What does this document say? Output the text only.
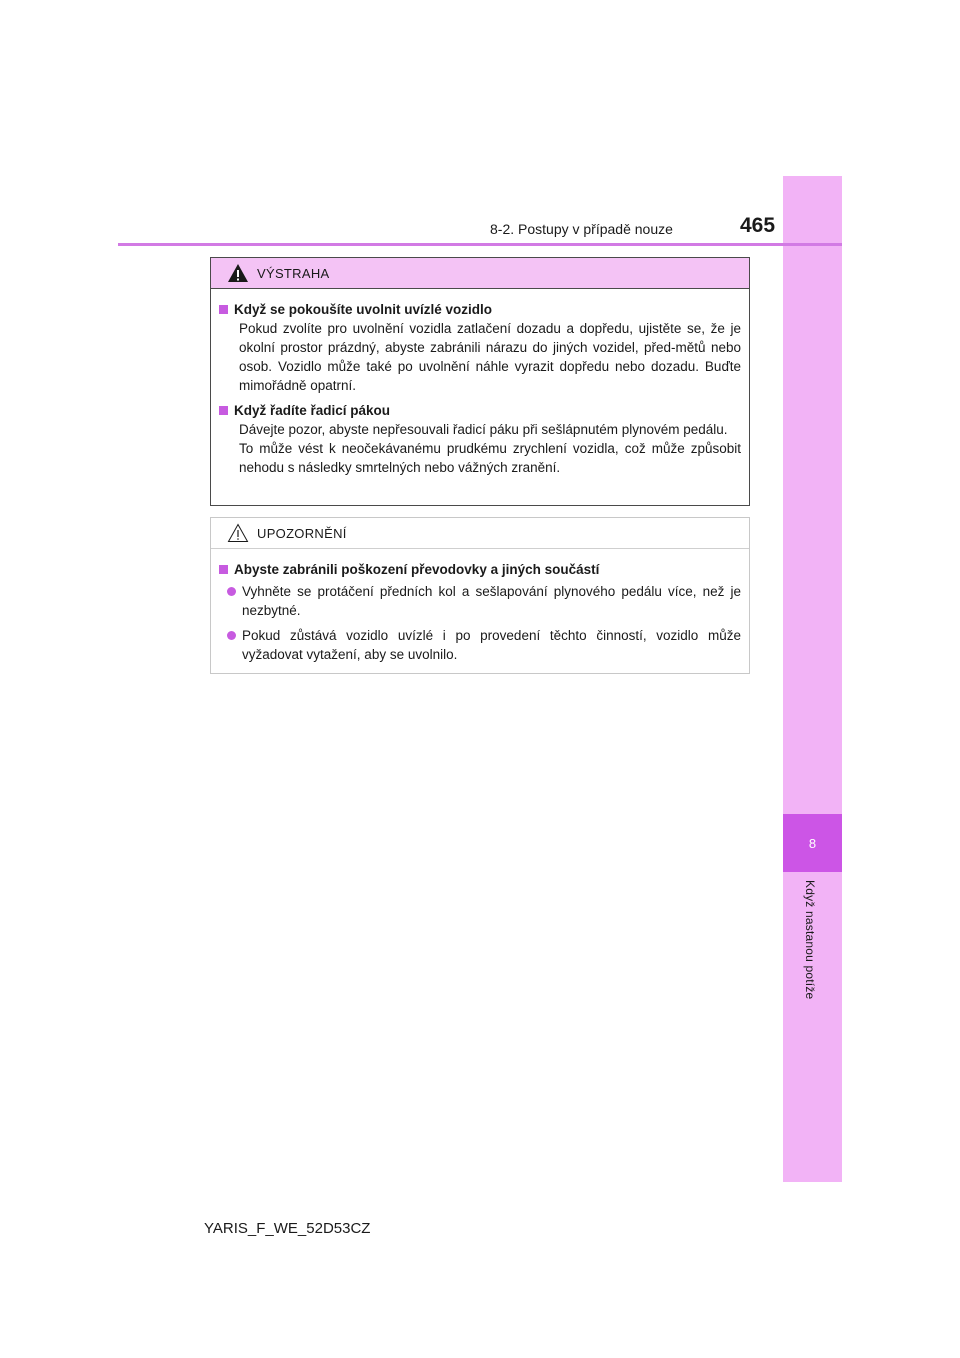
8
Když nastanou potíže
8-2. Postupy v případě nouze	465
VÝSTRAHA
Když se pokoušíte uvolnit uvízlé vozidlo
Pokud zvolíte pro uvolnění vozidla zatlačení dozadu a dopředu, ujistěte se, že je okolní prostor prázdný, abyste zabránili nárazu do jiných vozidel, před-mětů nebo osob. Vozidlo může také po uvolnění náhle vyrazit dopředu nebo dozadu. Buďte mimořádně opatrní.
Když řadíte řadicí pákou
Dávejte pozor, abyste nepřesouvali řadicí páku při sešlápnutém plynovém pedálu.
To může vést k neočekávanému prudkému zrychlení vozidla, což může způsobit nehodu s následky smrtelných nebo vážných zranění.
UPOZORNĚNÍ
Abyste zabránili poškození převodovky a jiných součástí
Vyhněte se protáčení předních kol a sešlapování plynového pedálu více, než je nezbytné.
Pokud zůstává vozidlo uvízlé i po provedení těchto činností, vozidlo může vyžadovat vytažení, aby se uvolnilo.
YARIS_F_WE_52D53CZ
